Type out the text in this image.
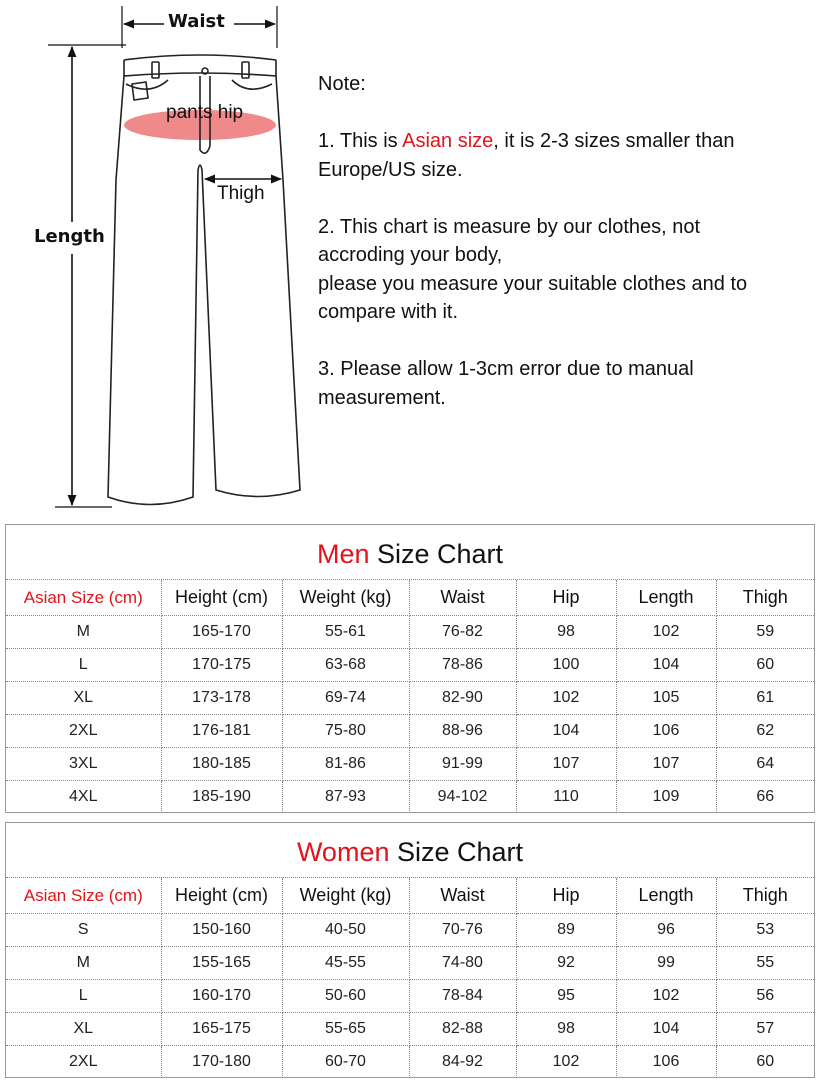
Waist
Length
pants hip
Thigh

Note:

1. This is Asian size, it is 2-3 sizes smaller than

Europe/US size.

2. This chart is measure by our clothes, not

accroding your body,

please you measure your suitable clothes and to

compare with it.

3. Please allow 1-3cm error due to manual

measurement.

Men Size Chart
Asian Size (cm)	Height (cm)	Weight (kg)	Waist	Hip	Length	Thigh
M	165-170	55-61	76-82	98	102	59
L	170-175	63-68	78-86	100	104	60
XL	173-178	69-74	82-90	102	105	61
2XL	176-181	75-80	88-96	104	106	62
3XL	180-185	81-86	91-99	107	107	64
4XL	185-190	87-93	94-102	110	109	66
Women Size Chart
Asian Size (cm)	Height (cm)	Weight (kg)	Waist	Hip	Length	Thigh
S	150-160	40-50	70-76	89	96	53
M	155-165	45-55	74-80	92	99	55
L	160-170	50-60	78-84	95	102	56
XL	165-175	55-65	82-88	98	104	57
2XL	170-180	60-70	84-92	102	106	60
